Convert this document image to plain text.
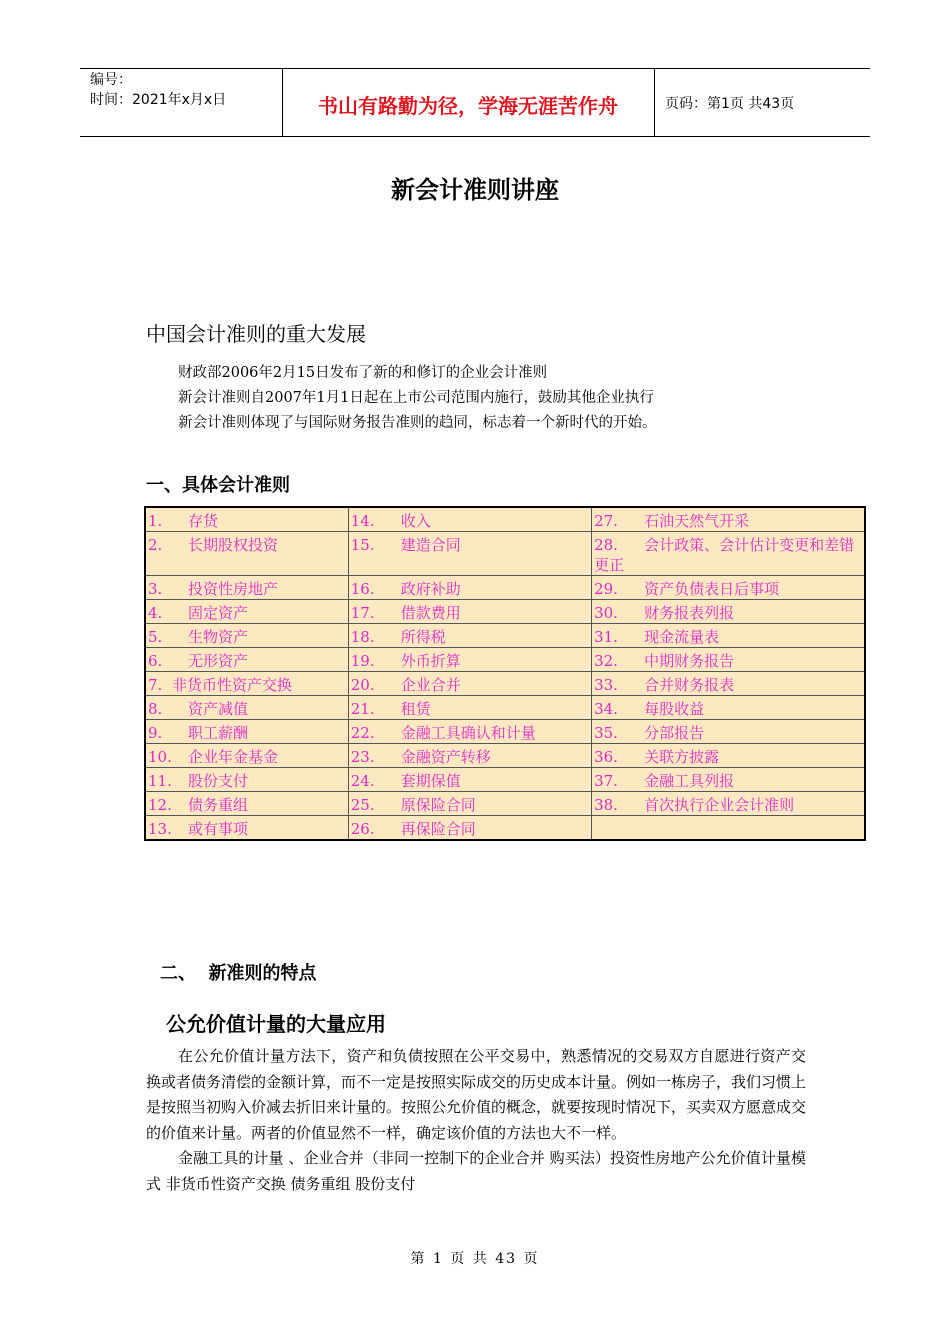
编号：
时间：2021年x月x日	书山有路勤为径，学海无涯苦作舟	页码：第1页 共43页
新会计准则讲座
中国会计准则的重大发展
财政部2006年2月15日发布了新的和修订的企业会计准则
新会计准则自2007年1月1日起在上市公司范围内施行，鼓励其他企业执行
新会计准则体现了与国际财务报告准则的趋同，标志着一个新时代的开始。
一、具体会计准则
1. 存货	14. 收入	27. 石油天然气开采
2. 长期股权投资	15. 建造合同	28. 会计政策、会计估计变更和差错更正
3. 投资性房地产	16. 政府补助	29. 资产负债表日后事项
4. 固定资产	17. 借款费用	30. 财务报表列报
5. 生物资产	18. 所得税	31. 现金流量表
6. 无形资产	19. 外币折算	32. 中期财务报告
7. 非货币性资产交换	20. 企业合并	33. 合并财务报表
8. 资产减值	21. 租赁	34. 每股收益
9. 职工薪酬	22. 金融工具确认和计量	35. 分部报告
10. 企业年金基金	23. 金融资产转移	36. 关联方披露
11. 股份支付	24. 套期保值	37. 金融工具列报
12. 债务重组	25. 原保险合同	38. 首次执行企业会计准则
13. 或有事项	26. 再保险合同	
二、  新准则的特点
公允价值计量的大量应用

在公允价值计量方法下，资产和负债按照在公平交易中，熟悉情况的交易双方自愿进行资产交换或者债务清偿的金额计算，而不一定是按照实际成交的历史成本计量。例如一栋房子，我们习惯上是按照当初购入价减去折旧来计量的。按照公允价值的概念，就要按现时情况下，买卖双方愿意成交的价值来计量。两者的价值显然不一样，确定该价值的方法也大不一样。

金融工具的计量 、企业合并（非同一控制下的企业合并 购买法）投资性房地产公允价值计量模式 非货币性资产交换 债务重组 股份支付

第 1 页 共 43 页
